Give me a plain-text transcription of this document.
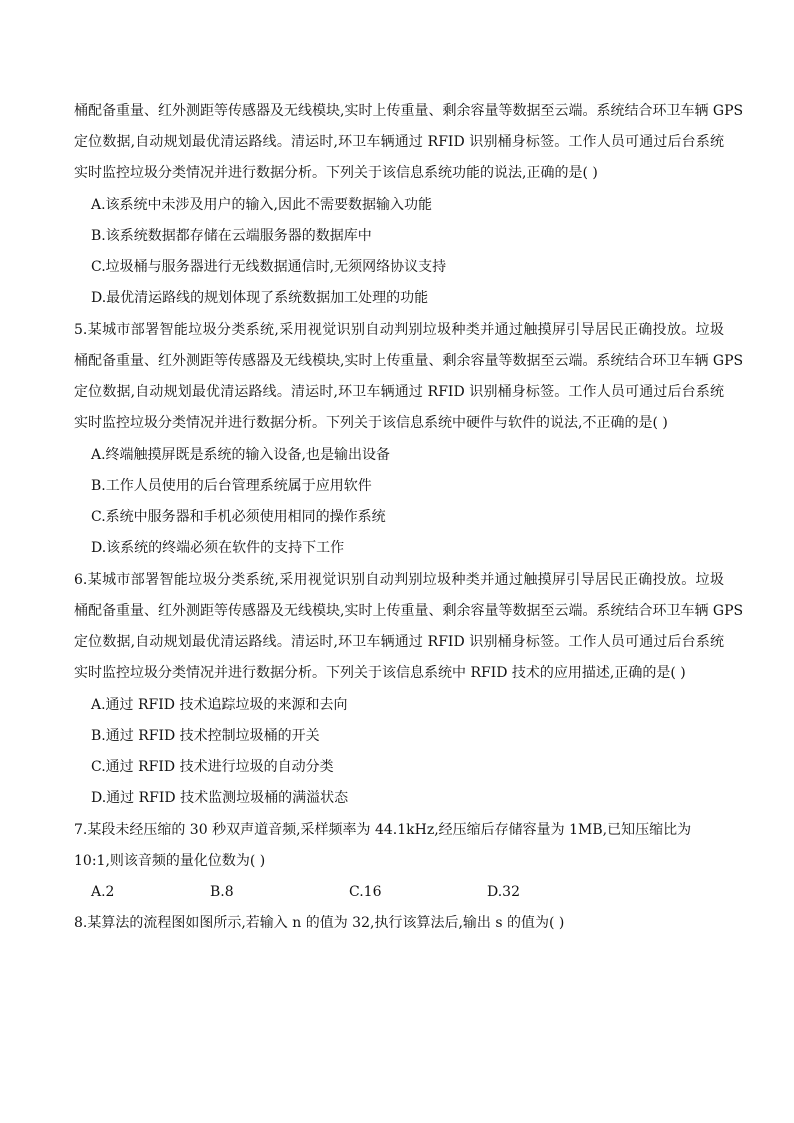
桶配备重量、红外测距等传感器及无线模块,实时上传重量、剩余容量等数据至云端。系统结合环卫车辆 GPS
定位数据,自动规划最优清运路线。清运时,环卫车辆通过 RFID 识别桶身标签。工作人员可通过后台系统
实时监控垃圾分类情况并进行数据分析。下列关于该信息系统功能的说法,正确的是( )
A.该系统中未涉及用户的输入,因此不需要数据输入功能
B.该系统数据都存储在云端服务器的数据库中
C.垃圾桶与服务器进行无线数据通信时,无须网络协议支持
D.最优清运路线的规划体现了系统数据加工处理的功能
5.某城市部署智能垃圾分类系统,采用视觉识别自动判别垃圾种类并通过触摸屏引导居民正确投放。垃圾
桶配备重量、红外测距等传感器及无线模块,实时上传重量、剩余容量等数据至云端。系统结合环卫车辆 GPS
定位数据,自动规划最优清运路线。清运时,环卫车辆通过 RFID 识别桶身标签。工作人员可通过后台系统
实时监控垃圾分类情况并进行数据分析。下列关于该信息系统中硬件与软件的说法,不正确的是( )
A.终端触摸屏既是系统的输入设备,也是输出设备
B.工作人员使用的后台管理系统属于应用软件
C.系统中服务器和手机必须使用相同的操作系统
D.该系统的终端必须在软件的支持下工作
6.某城市部署智能垃圾分类系统,采用视觉识别自动判别垃圾种类并通过触摸屏引导居民正确投放。垃圾
桶配备重量、红外测距等传感器及无线模块,实时上传重量、剩余容量等数据至云端。系统结合环卫车辆 GPS
定位数据,自动规划最优清运路线。清运时,环卫车辆通过 RFID 识别桶身标签。工作人员可通过后台系统
实时监控垃圾分类情况并进行数据分析。下列关于该信息系统中 RFID 技术的应用描述,正确的是( )
A.通过 RFID 技术追踪垃圾的来源和去向
B.通过 RFID 技术控制垃圾桶的开关
C.通过 RFID 技术进行垃圾的自动分类
D.通过 RFID 技术监测垃圾桶的满溢状态
7.某段未经压缩的 30 秒双声道音频,采样频率为 44.1kHz,经压缩后存储容量为 1MB,已知压缩比为
10:1,则该音频的量化位数为( )
A.2	B.8	C.16	D.32
8.某算法的流程图如图所示,若输入 n 的值为 32,执行该算法后,输出 s 的值为( )
